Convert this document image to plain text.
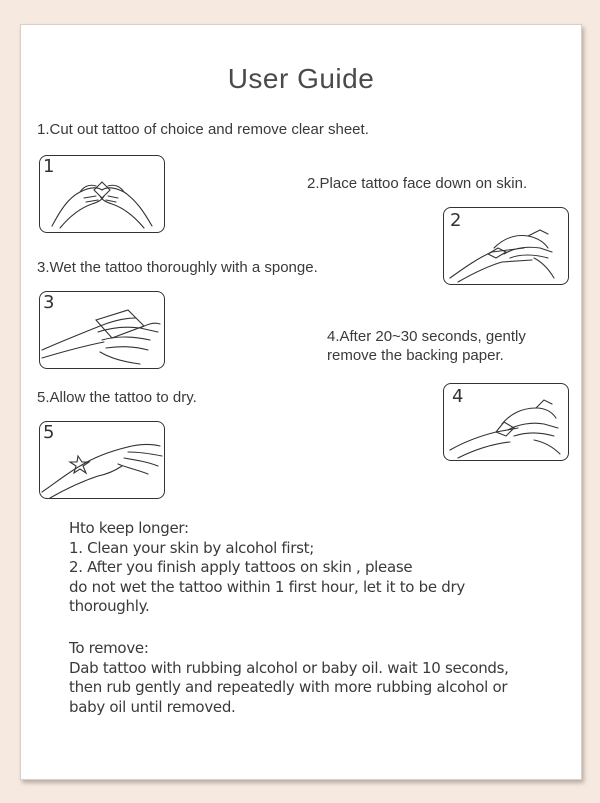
User Guide
1.Cut out tattoo of choice and remove clear sheet.
1
2.Place tattoo face down on skin.
2
3.Wet the tattoo thoroughly with a sponge.
3
4.After 20~30 seconds, gently
remove the backing paper.
4
5.Allow the tattoo to dry.
5
Hto keep longer:
1. Clean your skin by alcohol first;
2. After you finish apply tattoos on skin , please
do not wet the tattoo within 1 first hour, let it to be dry
thoroughly.
To remove:
Dab tattoo with rubbing alcohol or baby oil. wait 10 seconds,
then rub gently and repeatedly with more rubbing alcohol or
baby oil until removed.
